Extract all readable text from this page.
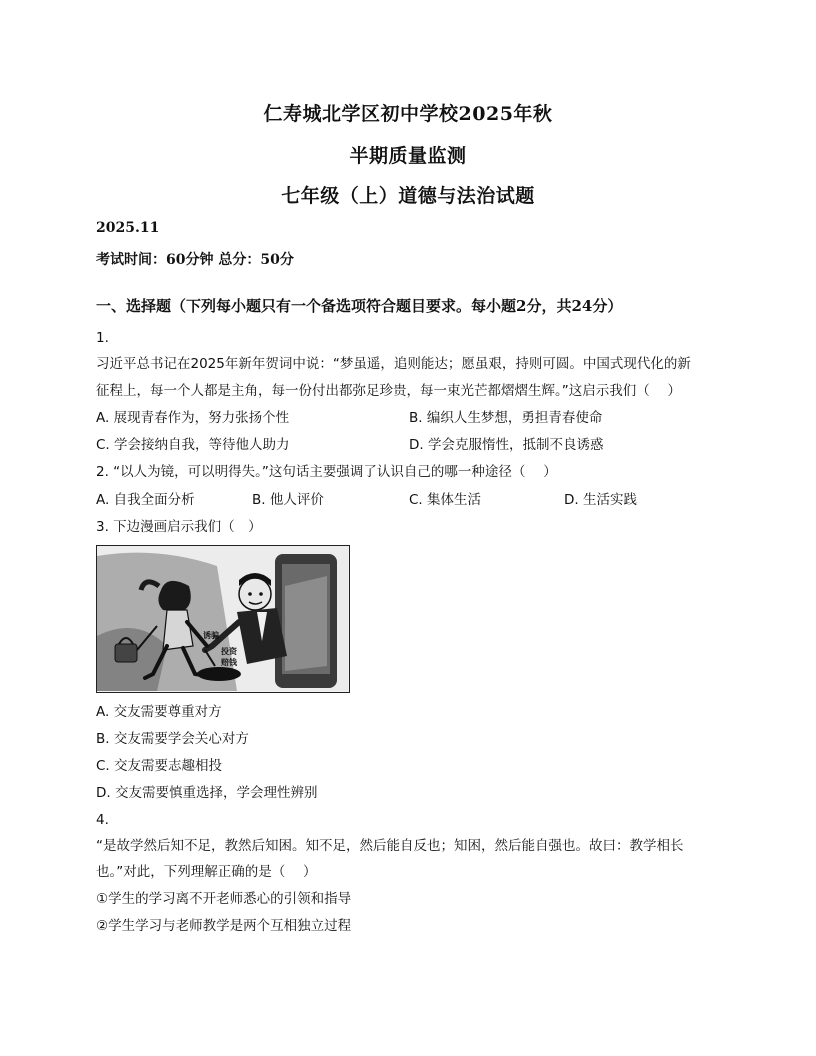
仁寿城北学区初中学校2025年秋
半期质量监测
七年级（上）道德与法治试题
2025.11
考试时间：60分钟 总分：50分
一、选择题（下列每小题只有一个备选项符合题目要求。每小题2分，共24分）
1.
习近平总书记在2025年新年贺词中说：“梦虽遥，追则能达；愿虽艰，持则可圆。中国式现代化的新
征程上，每一个人都是主角，每一份付出都弥足珍贵，每一束光芒都熠熠生辉。”这启示我们（　 ）
A. 展现青春作为，努力张扬个性	B. 编织人生梦想，勇担青春使命
C. 学会接纳自我，等待他人助力	D. 学会克服惰性，抵制不良诱惑
2. “以人为镜，可以明得失。”这句话主要强调了认识自己的哪一种途径（　 ）
A. 自我全面分析	B. 他人评价	C. 集体生活	D. 生活实践
3. 下边漫画启示我们（　）
诱骗
投资
赔钱
A. 交友需要尊重对方
B. 交友需要学会关心对方
C. 交友需要志趣相投
D. 交友需要慎重选择，学会理性辨别
4.
“是故学然后知不足，教然后知困。知不足，然后能自反也；知困，然后能自强也。故曰：教学相长
也。”对此，下列理解正确的是（　 ）
①学生的学习离不开老师悉心的引领和指导
②学生学习与老师教学是两个互相独立过程
